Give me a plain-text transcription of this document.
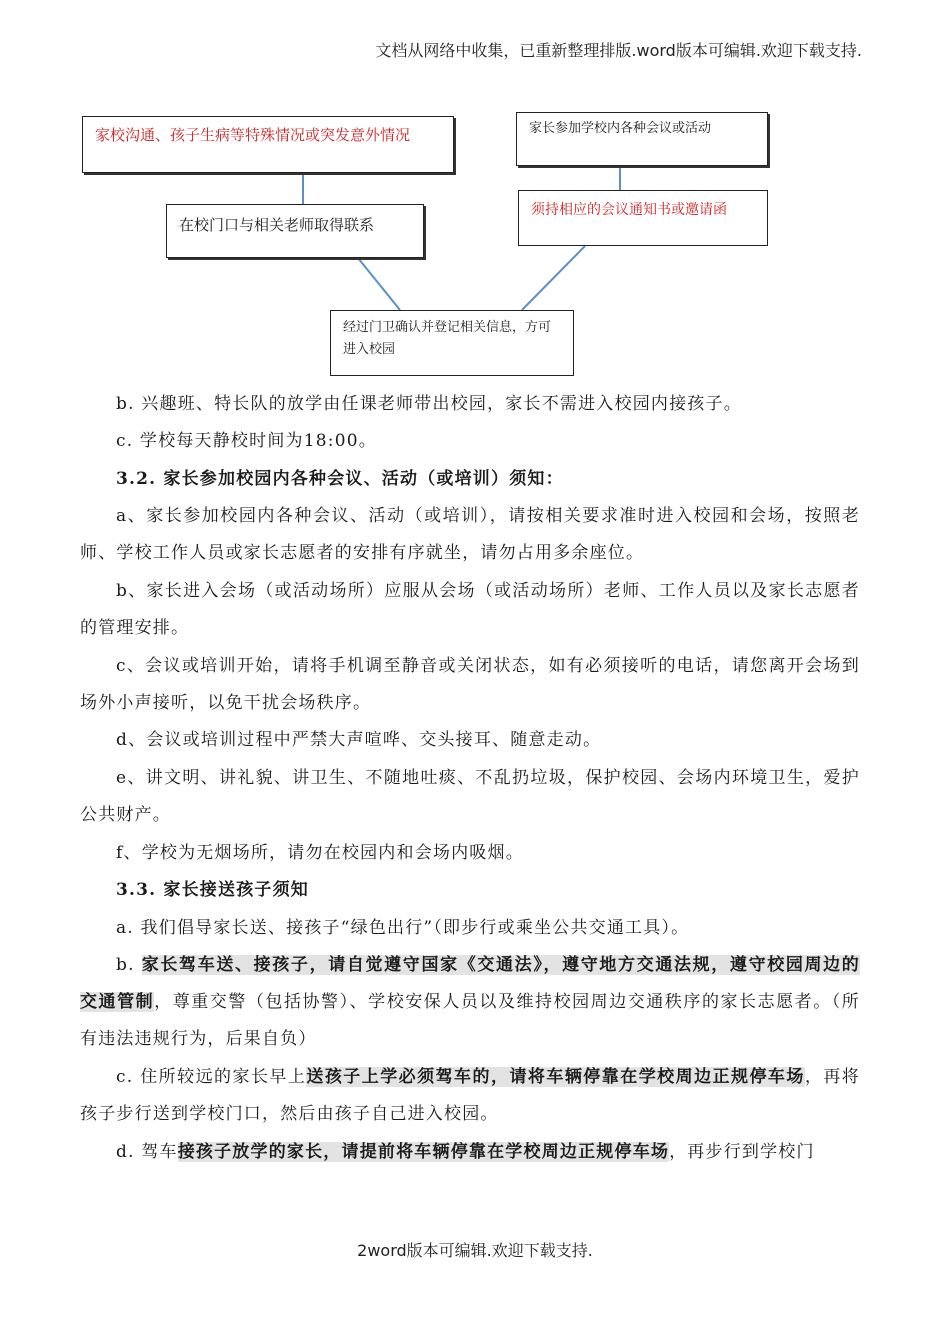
文档从网络中收集，已重新整理排版.word版本可编辑.欢迎下载支持.
家校沟通、孩子生病等特殊情况或突发意外情况
在校门口与相关老师取得联系
家长参加学校内各种会议或活动
须持相应的会议通知书或邀请函
经过门卫确认并登记相关信息，方可进入校园

b. 兴趣班、特长队的放学由任课老师带出校园，家长不需进入校园内接孩子。

c. 学校每天静校时间为18:00。

3.2. 家长参加校园内各种会议、活动（或培训）须知：

a、家长参加校园内各种会议、活动（或培训），请按相关要求准时进入校园和会场，按照老师、学校工作人员或家长志愿者的安排有序就坐，请勿占用多余座位。

b、家长进入会场（或活动场所）应服从会场（或活动场所）老师、工作人员以及家长志愿者的管理安排。

c、会议或培训开始，请将手机调至静音或关闭状态，如有必须接听的电话，请您离开会场到场外小声接听，以免干扰会场秩序。

d、会议或培训过程中严禁大声喧哗、交头接耳、随意走动。

e、讲文明、讲礼貌、讲卫生、不随地吐痰、不乱扔垃圾，保护校园、会场内环境卫生，爱护公共财产。

f、学校为无烟场所，请勿在校园内和会场内吸烟。

3.3. 家长接送孩子须知

a. 我们倡导家长送、接孩子“绿色出行”（即步行或乘坐公共交通工具）。

b. 家长驾车送、接孩子，请自觉遵守国家《交通法》，遵守地方交通法规，遵守校园周边的交通管制，尊重交警（包括协警）、学校安保人员以及维持校园周边交通秩序的家长志愿者。（所有违法违规行为，后果自负）

c. 住所较远的家长早上送孩子上学必须驾车的，请将车辆停靠在学校周边正规停车场，再将孩子步行送到学校门口，然后由孩子自己进入校园。

d. 驾车接孩子放学的家长，请提前将车辆停靠在学校周边正规停车场，再步行到学校门

2word版本可编辑.欢迎下载支持.
